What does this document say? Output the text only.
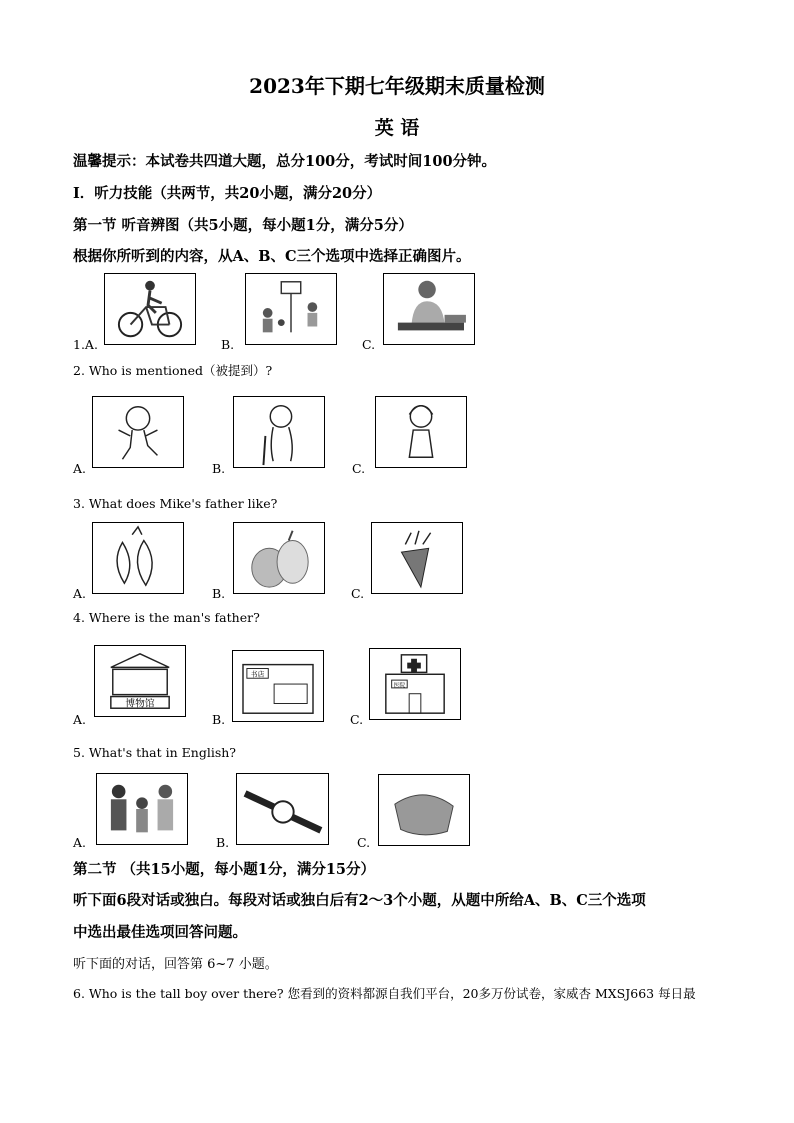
2023年下期七年级期末质量检测
英 语
温馨提示：本试卷共四道大题，总分100分，考试时间100分钟。
Ⅰ．听力技能（共两节，共20小题，满分20分）
第一节 听音辨图（共5小题，每小题1分，满分5分）
根据你所听到的内容，从A、B、C三个选项中选择正确图片。
1.A.	B.	C.
2. Who is mentioned（被提到）?
A.	B.	C.
3. What does Mike's father like?
A.	B.	C.
4. Where is the man's father?
博物馆
书店
医院
A.	B.	C.
5. What's that in English?
A.	B.	C.
第二节 （共15小题，每小题1分，满分15分）
听下面6段对话或独白。每段对话或独白后有2～3个小题，从题中所给A、B、C三个选项
中选出最佳选项回答问题。
听下面的对话，回答第 6~7 小题。
6. Who is the tall boy over there? 您看到的资料都源自我们平台，20多万份试卷，家威杏 MXSJ663 每日最
